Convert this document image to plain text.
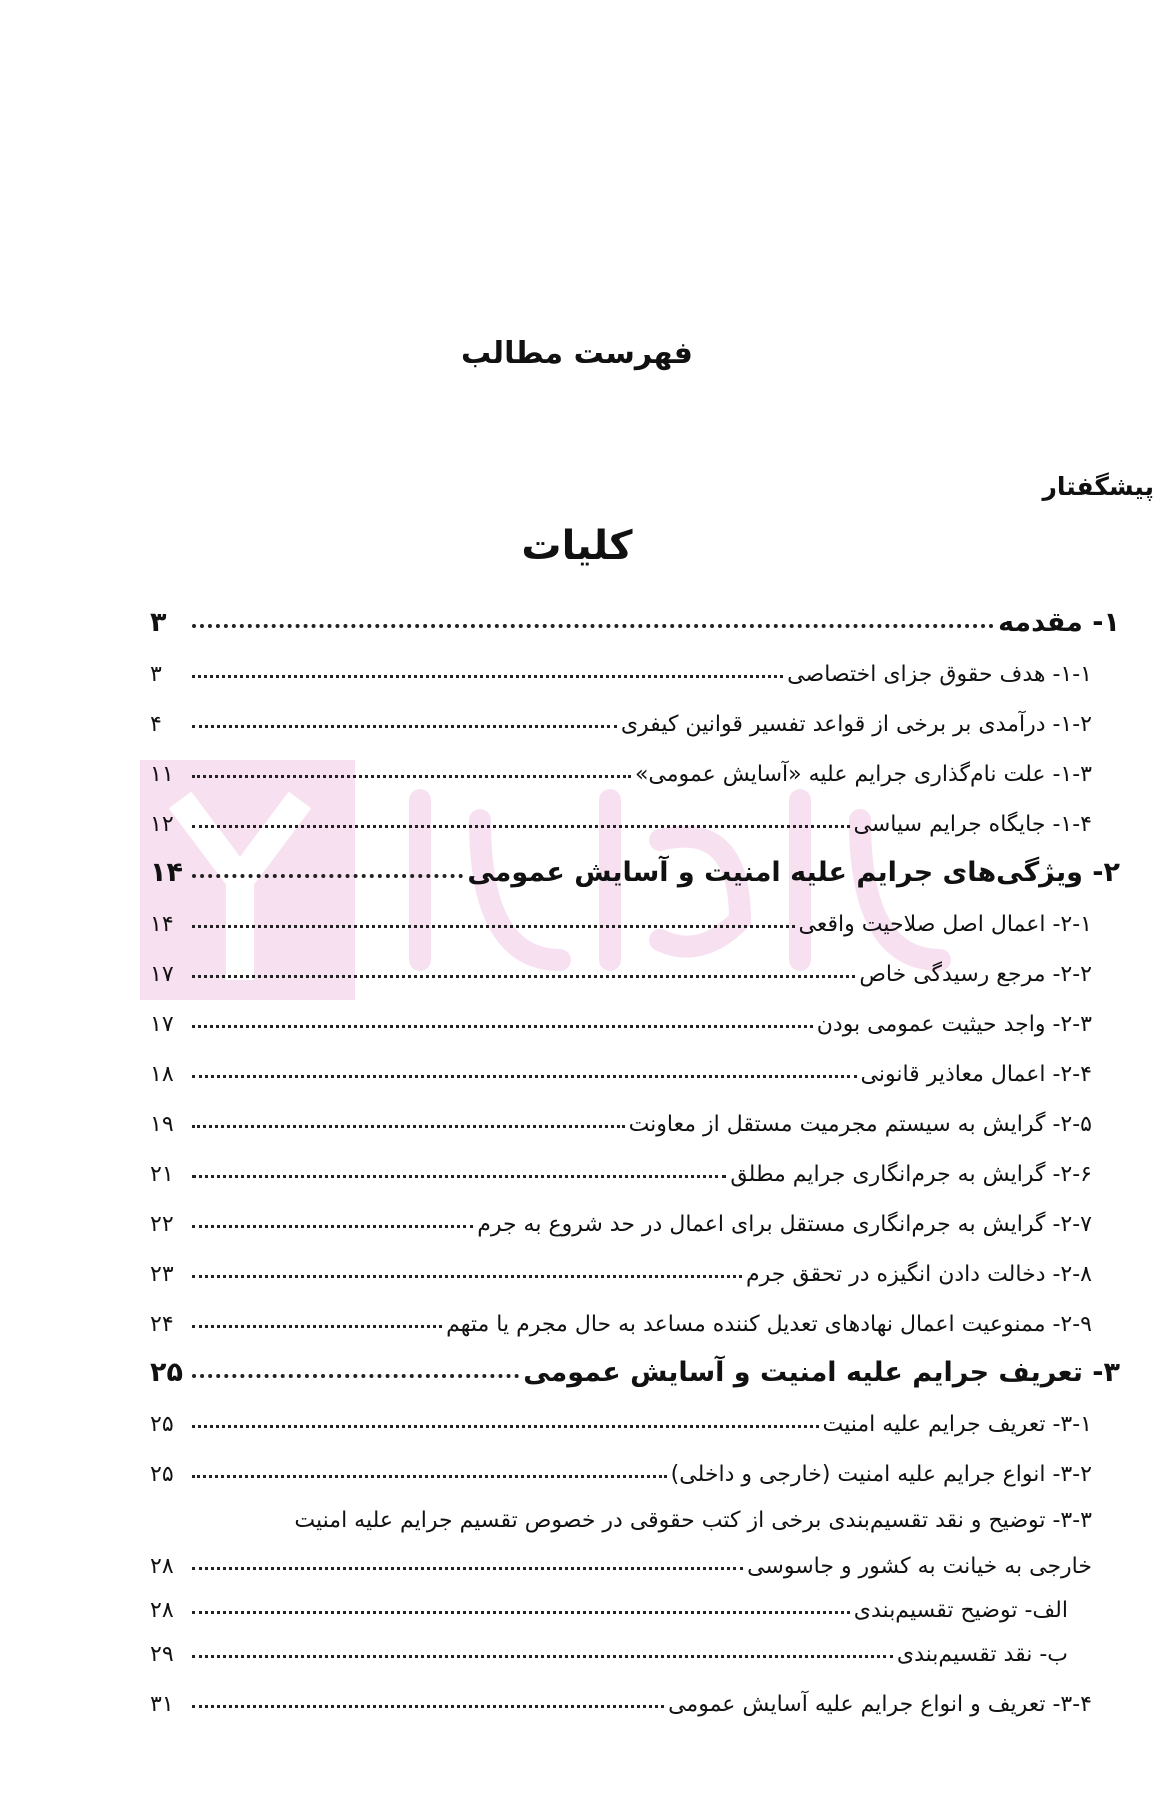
فهرست مطالب
پیشگفتار
کلیات
۱- مقدمه
۳
۱-۱- هدف حقوق جزای اختصاصی
۳
۱-۲- درآمدی بر برخی از قواعد تفسیر قوانین کیفری
۴
۱-۳- علت نام‌گذاری جرایم علیه «آسایش عمومی»
۱۱
۱-۴- جایگاه جرایم سیاسی
۱۲
۲- ویژگی‌های جرایم علیه امنیت و آسایش عمومی
۱۴
۲-۱- اعمال اصل صلاحیت واقعی
۱۴
۲-۲- مرجع رسیدگی خاص
۱۷
۲-۳- واجد حیثیت عمومی بودن
۱۷
۲-۴- اعمال معاذیر قانونی
۱۸
۲-۵- گرایش به سیستم مجرمیت مستقل از معاونت
۱۹
۲-۶- گرایش به جرم‌انگاری جرایم مطلق
۲۱
۲-۷- گرایش به جرم‌انگاری مستقل برای اعمال در حد شروع به جرم
۲۲
۲-۸- دخالت دادن انگیزه در تحقق جرم
۲۳
۲-۹- ممنوعیت اعمال نهادهای تعدیل کننده مساعد به حال مجرم یا متهم
۲۴
۳- تعریف جرایم علیه امنیت و آسایش عمومی
۲۵
۳-۱- تعریف جرایم علیه امنیت
۲۵
۳-۲- انواع جرایم علیه امنیت (خارجی و داخلی)
۲۵
۳-۳- توضیح و نقد تقسیم‌بندی برخی از کتب حقوقی در خصوص تقسیم جرایم علیه امنیت
خارجی به خیانت به کشور و جاسوسی
۲۸
الف- توضیح تقسیم‌بندی
۲۸
ب- نقد تقسیم‌بندی
۲۹
۳-۴- تعریف و انواع جرایم علیه آسایش عمومی
۳۱
